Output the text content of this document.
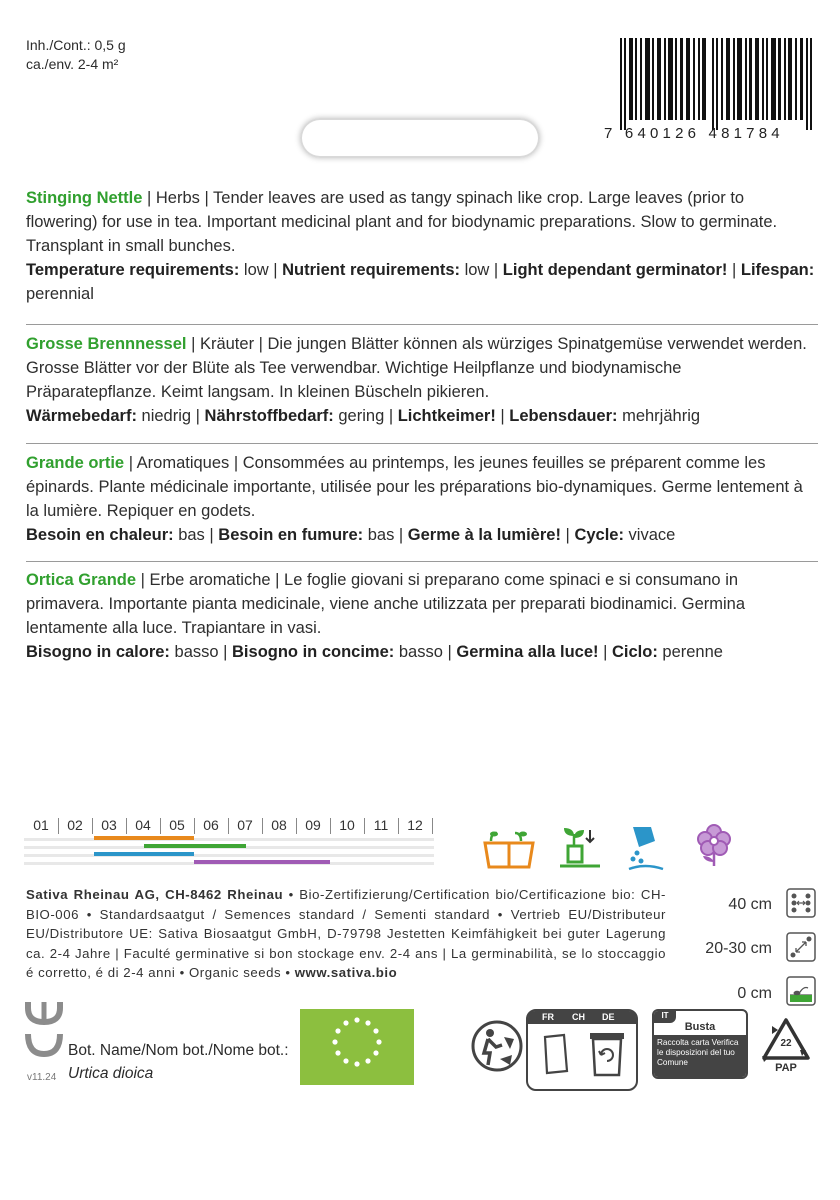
Inh./Cont.: 0,5 g
ca./env. 2-4 m²
7 640126 481784
Stinging Nettle | Herbs | Tender leaves are used as tangy spinach like crop. Large leaves (prior to flowering) for use in tea. Important medicinal plant and for biodynamic preparations. Slow to germinate. Transplant in small bunches.
Temperature requirements: low | Nutrient requirements: low | Light dependant germinator! | Lifespan: perennial
Grosse Brennnessel | Kräuter | Die jungen Blätter können als würziges Spinatgemüse verwendet werden. Grosse Blätter vor der Blüte als Tee verwendbar. Wichtige Heilpflanze und biodynamische Präparatepflanze. Keimt langsam. In kleinen Büscheln pikieren.
Wärmebedarf: niedrig | Nährstoffbedarf: gering | Lichtkeimer! | Lebensdauer: mehrjährig
Grande ortie | Aromatiques | Consommées au printemps, les jeunes feuilles se préparent comme les épinards. Plante médicinale importante, utilisée pour les préparations bio-dynamiques. Germe lentement à la lumière. Repiquer en godets.
Besoin en chaleur: bas | Besoin en fumure: bas | Germe à la lumière! | Cycle: vivace
Ortica Grande | Erbe aromatiche | Le foglie giovani si preparano come spinaci e si consumano in primavera. Importante pianta medicinale, viene anche utilizzata per preparati biodinamici. Germina lentamente alla luce. Trapiantare in vasi.
Bisogno in calore: basso | Bisogno in concime: basso | Germina alla luce! | Ciclo: perenne
01	02	03	04	05	06	07	08	09	10	11	12
Sativa Rheinau AG, CH-8462 Rheinau • Bio-Zertifizierung/Certification bio/Certificazione bio: CH-BIO-006 • Standardsaatgut / Semences standard / Sementi standard • Vertrieb EU/Distributeur EU/Distributore UE: Sativa Biosaatgut GmbH, D-79798 Jestetten Keimfähigkeit bei guter Lagerung ca. 2-4 Jahre | Faculté germinative si bon stockage env. 2-4 ans | La germinabilità, se lo stoccaggio é corretto, é di 2-4 anni • Organic seeds • www.sativa.bio
40 cm
20-30 cm
0 cm
v11.24
Bot. Name/Nom bot./Nome bot.:
Urtica dioica
FR CH DE	IT
Busta
Raccolta carta Verifica le disposizioni del tuo Comune
22
PAP
